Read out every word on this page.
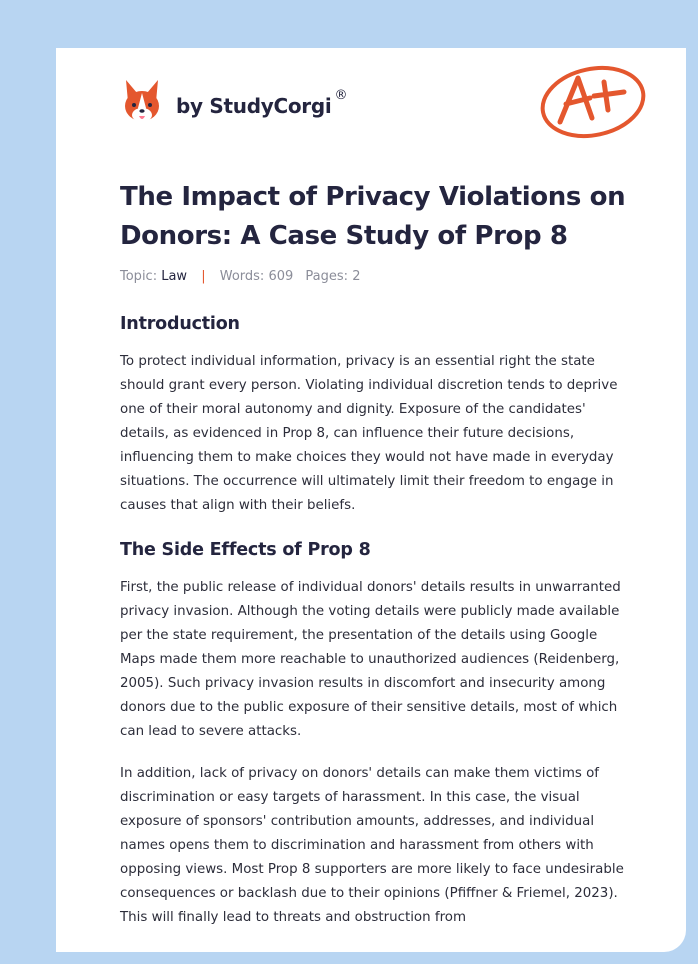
by StudyCorgi ®
The Impact of Privacy Violations on Donors: A Case Study of Prop 8
Topic: Law | Words: 609 Pages: 2
Introduction

To protect individual information, privacy is an essential right the state should grant every person. Violating individual discretion tends to deprive one of their moral autonomy and dignity. Exposure of the candidates' details, as evidenced in Prop 8, can influence their future decisions, influencing them to make choices they would not have made in everyday situations. The occurrence will ultimately limit their freedom to engage in causes that align with their beliefs.

The Side Effects of Prop 8

First, the public release of individual donors' details results in unwarranted privacy invasion. Although the voting details were publicly made available per the state requirement, the presentation of the details using Google Maps made them more reachable to unauthorized audiences (Reidenberg, 2005). Such privacy invasion results in discomfort and insecurity among donors due to the public exposure of their sensitive details, most of which can lead to severe attacks.

In addition, lack of privacy on donors' details can make them victims of discrimination or easy targets of harassment. In this case, the visual exposure of sponsors' contribution amounts, addresses, and individual names opens them to discrimination and harassment from others with opposing views. Most Prop 8 supporters are more likely to face undesirable consequences or backlash due to their opinions (Pfiffner & Friemel, 2023). This will finally lead to threats and obstruction from
